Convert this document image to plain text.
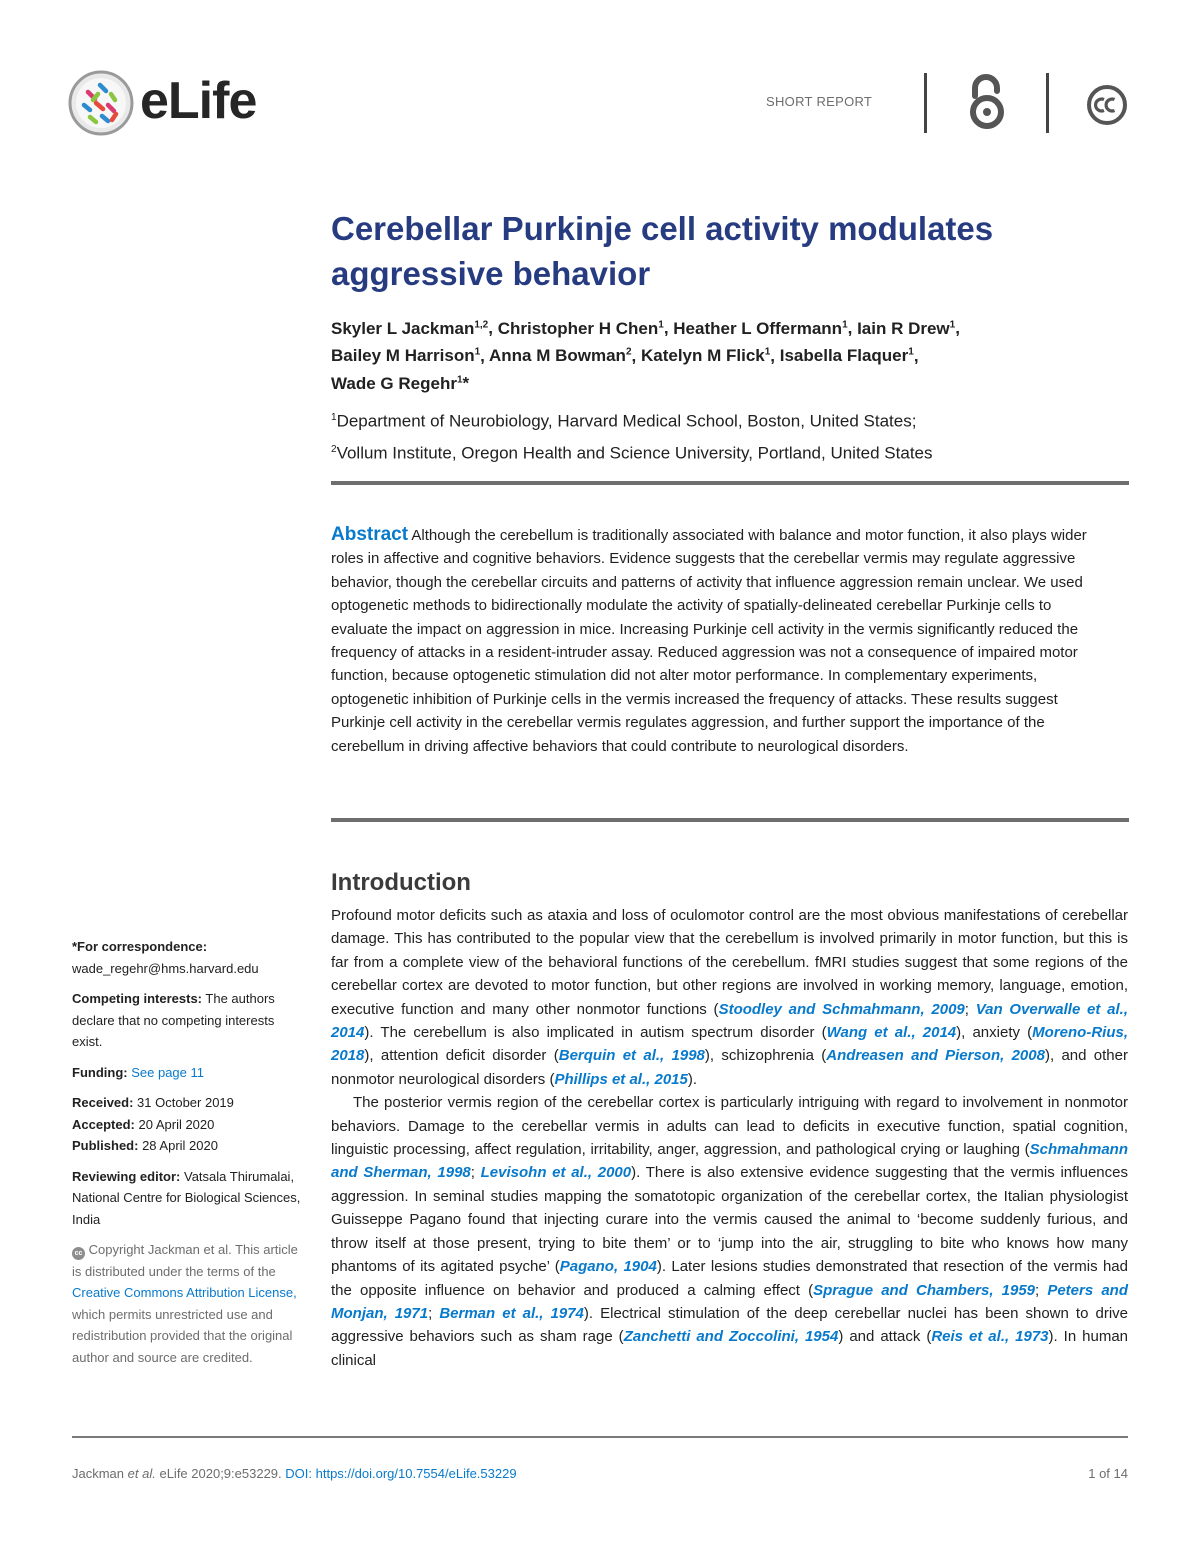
eLife	SHORT REPORT
Cerebellar Purkinje cell activity modulates aggressive behavior
Skyler L Jackman$^{1,2}$, Christopher H Chen$^1$, Heather L Offermann$^1$, Iain R Drew$^1$,
Bailey M Harrison$^1$, Anna M Bowman$^2$, Katelyn M Flick$^1$, Isabella Flaquer$^1$,
Wade G Regehr$^1$*
$^1$Department of Neurobiology, Harvard Medical School, Boston, United States;
$^2$Vollum Institute, Oregon Health and Science University, Portland, United States
Abstract Although the cerebellum is traditionally associated with balance and motor function, it also plays wider roles in affective and cognitive behaviors. Evidence suggests that the cerebellar vermis may regulate aggressive behavior, though the cerebellar circuits and patterns of activity that influence aggression remain unclear. We used optogenetic methods to bidirectionally modulate the activity of spatially-delineated cerebellar Purkinje cells to evaluate the impact on aggression in mice. Increasing Purkinje cell activity in the vermis significantly reduced the frequency of attacks in a resident-intruder assay. Reduced aggression was not a consequence of impaired motor function, because optogenetic stimulation did not alter motor performance. In complementary experiments, optogenetic inhibition of Purkinje cells in the vermis increased the frequency of attacks. These results suggest Purkinje cell activity in the cerebellar vermis regulates aggression, and further support the importance of the cerebellum in driving affective behaviors that could contribute to neurological disorders.
Introduction

Profound motor deficits such as ataxia and loss of oculomotor control are the most obvious manifestations of cerebellar damage. This has contributed to the popular view that the cerebellum is involved primarily in motor function, but this is far from a complete view of the behavioral functions of the cerebellum. fMRI studies suggest that some regions of the cerebellar cortex are devoted to motor function, but other regions are involved in working memory, language, emotion, executive function and many other nonmotor functions (Stoodley and Schmahmann, 2009; Van Overwalle et al., 2014). The cerebellum is also implicated in autism spectrum disorder (Wang et al., 2014), anxiety (Moreno-Rius, 2018), attention deficit disorder (Berquin et al., 1998), schizophrenia (Andreasen and Pierson, 2008), and other nonmotor neurological disorders (Phillips et al., 2015).

The posterior vermis region of the cerebellar cortex is particularly intriguing with regard to involvement in nonmotor behaviors. Damage to the cerebellar vermis in adults can lead to deficits in executive function, spatial cognition, linguistic processing, affect regulation, irritability, anger, aggression, and pathological crying or laughing (Schmahmann and Sherman, 1998; Levisohn et al., 2000). There is also extensive evidence suggesting that the vermis influences aggression. In seminal studies mapping the somatotopic organization of the cerebellar cortex, the Italian physiologist Guisseppe Pagano found that injecting curare into the vermis caused the animal to ‘become suddenly furious, and throw itself at those present, trying to bite them’ or to ‘jump into the air, struggling to bite who knows how many phantoms of its agitated psyche’ (Pagano, 1904). Later lesions studies demonstrated that resection of the vermis had the opposite influence on behavior and produced a calming effect (Sprague and Chambers, 1959; Peters and Monjan, 1971; Berman et al., 1974). Electrical stimulation of the deep cerebellar nuclei has been shown to drive aggressive behaviors such as sham rage (Zanchetti and Zoccolini, 1954) and attack (Reis et al., 1973). In human clinical

*For correspondence:
wade_regehr@hms.harvard.edu
Competing interests: The authors declare that no competing interests exist.
Funding: See page 11
Received: 31 October 2019
Accepted: 20 April 2020
Published: 28 April 2020
Reviewing editor: Vatsala Thirumalai, National Centre for Biological Sciences, India
cc Copyright Jackman et al. This article is distributed under the terms of the Creative Commons Attribution License, which permits unrestricted use and redistribution provided that the original author and source are credited.
Jackman et al. eLife 2020;9:e53229. DOI: https://doi.org/10.7554/eLife.53229	1 of 14
